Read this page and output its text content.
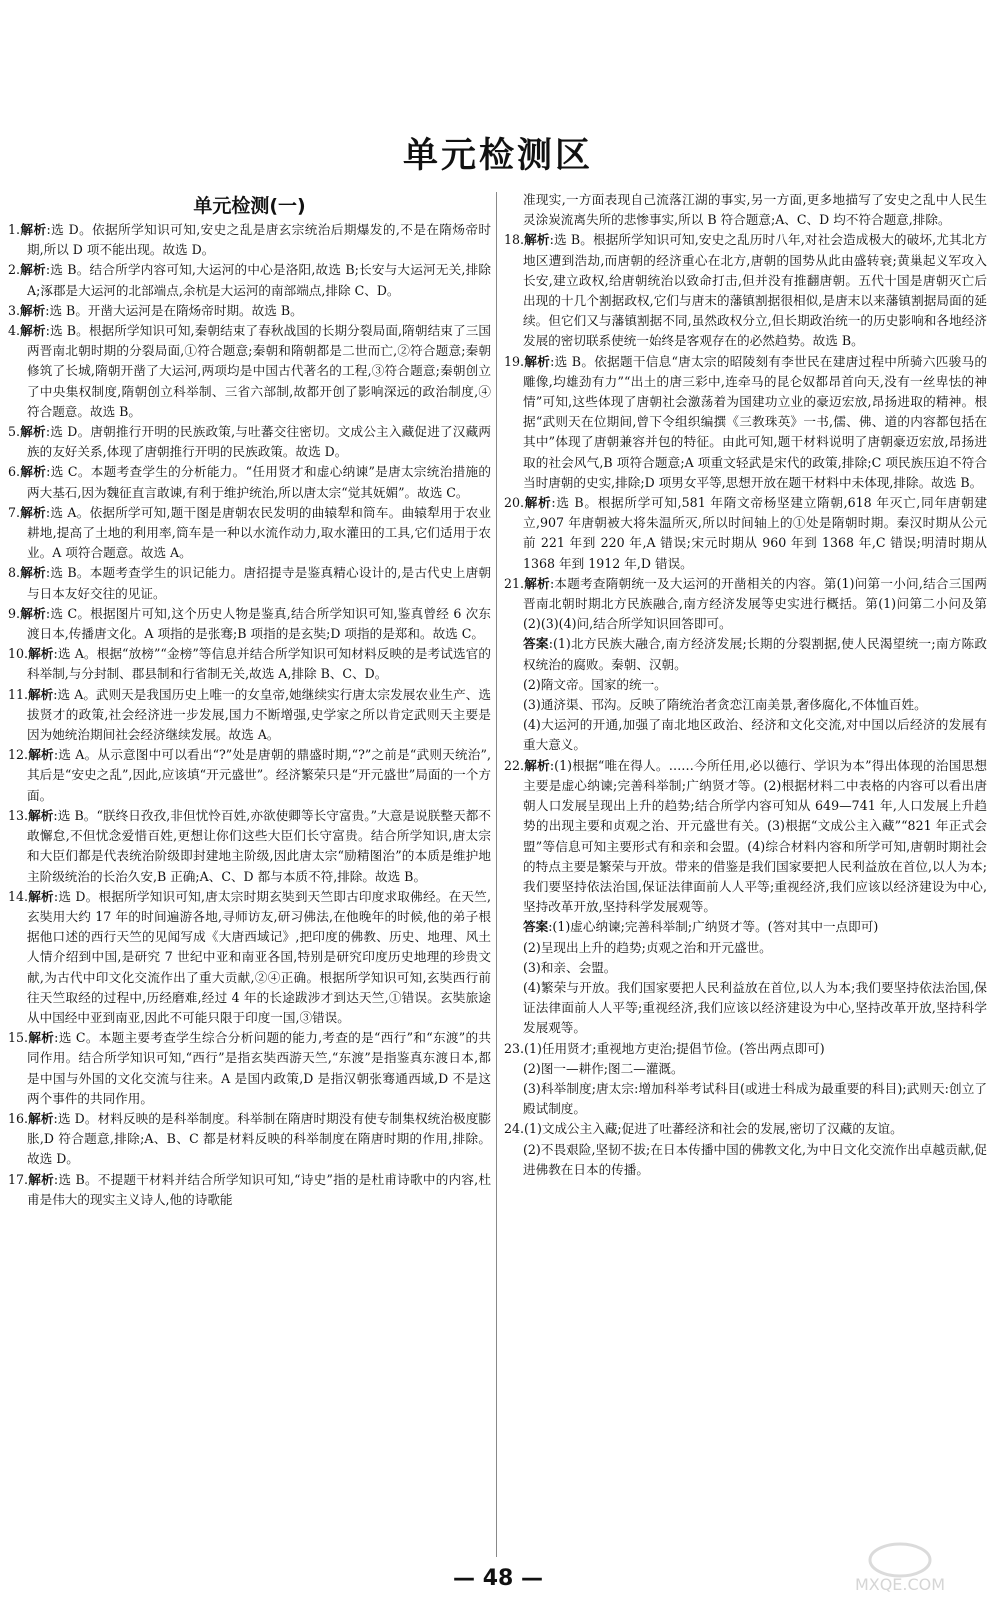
单元检测区
单元检测(一)

1.解析:选 D。依据所学知识可知,安史之乱是唐玄宗统治后期爆发的,不是在隋炀帝时期,所以 D 项不能出现。故选 D。

2.解析:选 B。结合所学内容可知,大运河的中心是洛阳,故选 B;长安与大运河无关,排除 A;涿郡是大运河的北部端点,余杭是大运河的南部端点,排除 C、D。

3.解析:选 B。开凿大运河是在隋炀帝时期。故选 B。

4.解析:选 B。根据所学知识可知,秦朝结束了春秋战国的长期分裂局面,隋朝结束了三国两晋南北朝时期的分裂局面,①符合题意;秦朝和隋朝都是二世而亡,②符合题意;秦朝修筑了长城,隋朝开凿了大运河,两项均是中国古代著名的工程,③符合题意;秦朝创立了中央集权制度,隋朝创立科举制、三省六部制,故都开创了影响深远的政治制度,④符合题意。故选 B。

5.解析:选 D。唐朝推行开明的民族政策,与吐蕃交往密切。文成公主入藏促进了汉藏两族的友好关系,体现了唐朝推行开明的民族政策。故选 D。

6.解析:选 C。本题考查学生的分析能力。“任用贤才和虚心纳谏”是唐太宗统治措施的两大基石,因为魏征直言敢谏,有利于维护统治,所以唐太宗“觉其妩媚”。故选 C。

7.解析:选 A。依据所学可知,题干图是唐朝农民发明的曲辕犁和筒车。曲辕犁用于农业耕地,提高了土地的利用率,筒车是一种以水流作动力,取水灌田的工具,它们适用于农业。A 项符合题意。故选 A。

8.解析:选 B。本题考查学生的识记能力。唐招提寺是鉴真精心设计的,是古代史上唐朝与日本友好交往的见证。

9.解析:选 C。根据图片可知,这个历史人物是鉴真,结合所学知识可知,鉴真曾经 6 次东渡日本,传播唐文化。A 项指的是张骞;B 项指的是玄奘;D 项指的是郑和。故选 C。

10.解析:选 A。根据“放榜”“金榜”等信息并结合所学知识可知材料反映的是考试选官的科举制,与分封制、郡县制和行省制无关,故选 A,排除 B、C、D。

11.解析:选 A。武则天是我国历史上唯一的女皇帝,她继续实行唐太宗发展农业生产、选拔贤才的政策,社会经济进一步发展,国力不断增强,史学家之所以肯定武则天主要是因为她统治期间社会经济继续发展。故选 A。

12.解析:选 A。从示意图中可以看出“?”处是唐朝的鼎盛时期,“?”之前是“武则天统治”,其后是“安史之乱”,因此,应该填“开元盛世”。经济繁荣只是“开元盛世”局面的一个方面。

13.解析:选 B。“朕终日孜孜,非但忧怜百姓,亦欲使卿等长守富贵。”大意是说朕整天都不敢懈怠,不但忧念爱惜百姓,更想让你们这些大臣们长守富贵。结合所学知识,唐太宗和大臣们都是代表统治阶级即封建地主阶级,因此唐太宗“励精图治”的本质是维护地主阶级统治的长治久安,B 正确;A、C、D 都与本质不符,排除。故选 B。

14.解析:选 D。根据所学知识可知,唐太宗时期玄奘到天竺即古印度求取佛经。在天竺,玄奘用大约 17 年的时间遍游各地,寻师访友,研习佛法,在他晚年的时候,他的弟子根据他口述的西行天竺的见闻写成《大唐西域记》,把印度的佛教、历史、地理、风土人情介绍到中国,是研究 7 世纪中亚和南亚各国,特别是研究印度历史地理的珍贵文献,为古代中印文化交流作出了重大贡献,②④正确。根据所学知识可知,玄奘西行前往天竺取经的过程中,历经磨难,经过 4 年的长途跋涉才到达天竺,①错误。玄奘旅途从中国经中亚到南亚,因此不可能只限于印度一国,③错误。

15.解析:选 C。本题主要考查学生综合分析问题的能力,考查的是“西行”和“东渡”的共同作用。结合所学知识可知,“西行”是指玄奘西游天竺,“东渡”是指鉴真东渡日本,都是中国与外国的文化交流与往来。A 是国内政策,D 是指汉朝张骞通西域,D 不是这两个事件的共同作用。

16.解析:选 D。材料反映的是科举制度。科举制在隋唐时期没有使专制集权统治极度膨胀,D 符合题意,排除;A、B、C 都是材料反映的科举制度在隋唐时期的作用,排除。故选 D。

17.解析:选 B。不提题干材料并结合所学知识可知,“诗史”指的是杜甫诗歌中的内容,杜甫是伟大的现实主义诗人,他的诗歌能

准现实,一方面表现自己流落江湖的事实,另一方面,更多地描写了安史之乱中人民生灵涂炭流离失所的悲惨事实,所以 B 符合题意;A、C、D 均不符合题意,排除。

18.解析:选 B。根据所学知识可知,安史之乱历时八年,对社会造成极大的破坏,尤其北方地区遭到浩劫,而唐朝的经济重心在北方,唐朝的国势从此由盛转衰;黄巢起义军攻入长安,建立政权,给唐朝统治以致命打击,但并没有推翻唐朝。五代十国是唐朝灭亡后出现的十几个割据政权,它们与唐末的藩镇割据很相似,是唐末以来藩镇割据局面的延续。但它们又与藩镇割据不同,虽然政权分立,但长期政治统一的历史影响和各地经济发展的密切联系使统一始终是客观存在的必然趋势。故选 B。

19.解析:选 B。依据题干信息“唐太宗的昭陵刻有李世民在建唐过程中所骑六匹骏马的雕像,均雄劲有力”“出土的唐三彩中,连牵马的昆仑奴都昂首向天,没有一丝卑怯的神情”可知,这些体现了唐朝社会激荡着为国建功立业的豪迈宏放,昂扬进取的精神。根据“武则天在位期间,曾下令组织编撰《三教珠英》一书,儒、佛、道的内容都包括在其中”体现了唐朝兼容并包的特征。由此可知,题干材料说明了唐朝豪迈宏放,昂扬进取的社会风气,B 项符合题意;A 项重文轻武是宋代的政策,排除;C 项民族压迫不符合当时唐朝的史实,排除;D 项男女平等,思想开放在题干材料中未体现,排除。故选 B。

20.解析:选 B。根据所学可知,581 年隋文帝杨坚建立隋朝,618 年灭亡,同年唐朝建立,907 年唐朝被大将朱温所灭,所以时间轴上的①处是隋朝时期。秦汉时期从公元前 221 年到 220 年,A 错误;宋元时期从 960 年到 1368 年,C 错误;明清时期从 1368 年到 1912 年,D 错误。

21.解析:本题考查隋朝统一及大运河的开凿相关的内容。第(1)问第一小问,结合三国两晋南北朝时期北方民族融合,南方经济发展等史实进行概括。第(1)问第二小问及第(2)(3)(4)问,结合所学知识回答即可。

答案:(1)北方民族大融合,南方经济发展;长期的分裂割据,使人民渴望统一;南方陈政权统治的腐败。秦朝、汉朝。

(2)隋文帝。国家的统一。

(3)通济渠、邗沟。反映了隋统治者贪恋江南美景,奢侈腐化,不体恤百姓。

(4)大运河的开通,加强了南北地区政治、经济和文化交流,对中国以后经济的发展有重大意义。

22.解析:(1)根据“唯在得人。……今所任用,必以德行、学识为本”得出体现的治国思想主要是虚心纳谏;完善科举制;广纳贤才等。(2)根据材料二中表格的内容可以看出唐朝人口发展呈现出上升的趋势;结合所学内容可知从 649—741 年,人口发展上升趋势的出现主要和贞观之治、开元盛世有关。(3)根据“文成公主入藏”“821 年正式会盟”等信息可知主要形式有和亲和会盟。(4)综合材料内容和所学可知,唐朝时期社会的特点主要是繁荣与开放。带来的借鉴是我们国家要把人民利益放在首位,以人为本;我们要坚持依法治国,保证法律面前人人平等;重视经济,我们应该以经济建设为中心,坚持改革开放,坚持科学发展观等。

答案:(1)虚心纳谏;完善科举制;广纳贤才等。(答对其中一点即可)

(2)呈现出上升的趋势;贞观之治和开元盛世。

(3)和亲、会盟。

(4)繁荣与开放。我们国家要把人民利益放在首位,以人为本;我们要坚持依法治国,保证法律面前人人平等;重视经济,我们应该以经济建设为中心,坚持改革开放,坚持科学发展观等。

23.(1)任用贤才;重视地方吏治;提倡节俭。(答出两点即可)

(2)图一—耕作;图二—灌溉。

(3)科举制度;唐太宗:增加科举考试科目(或进士科成为最重要的科目);武则天:创立了殿试制度。

24.(1)文成公主入藏;促进了吐蕃经济和社会的发展,密切了汉藏的友谊。

(2)不畏艰险,坚韧不拔;在日本传播中国的佛教文化,为中日文化交流作出卓越贡献,促进佛教在日本的传播。

— 48 —	MXQE.COM
